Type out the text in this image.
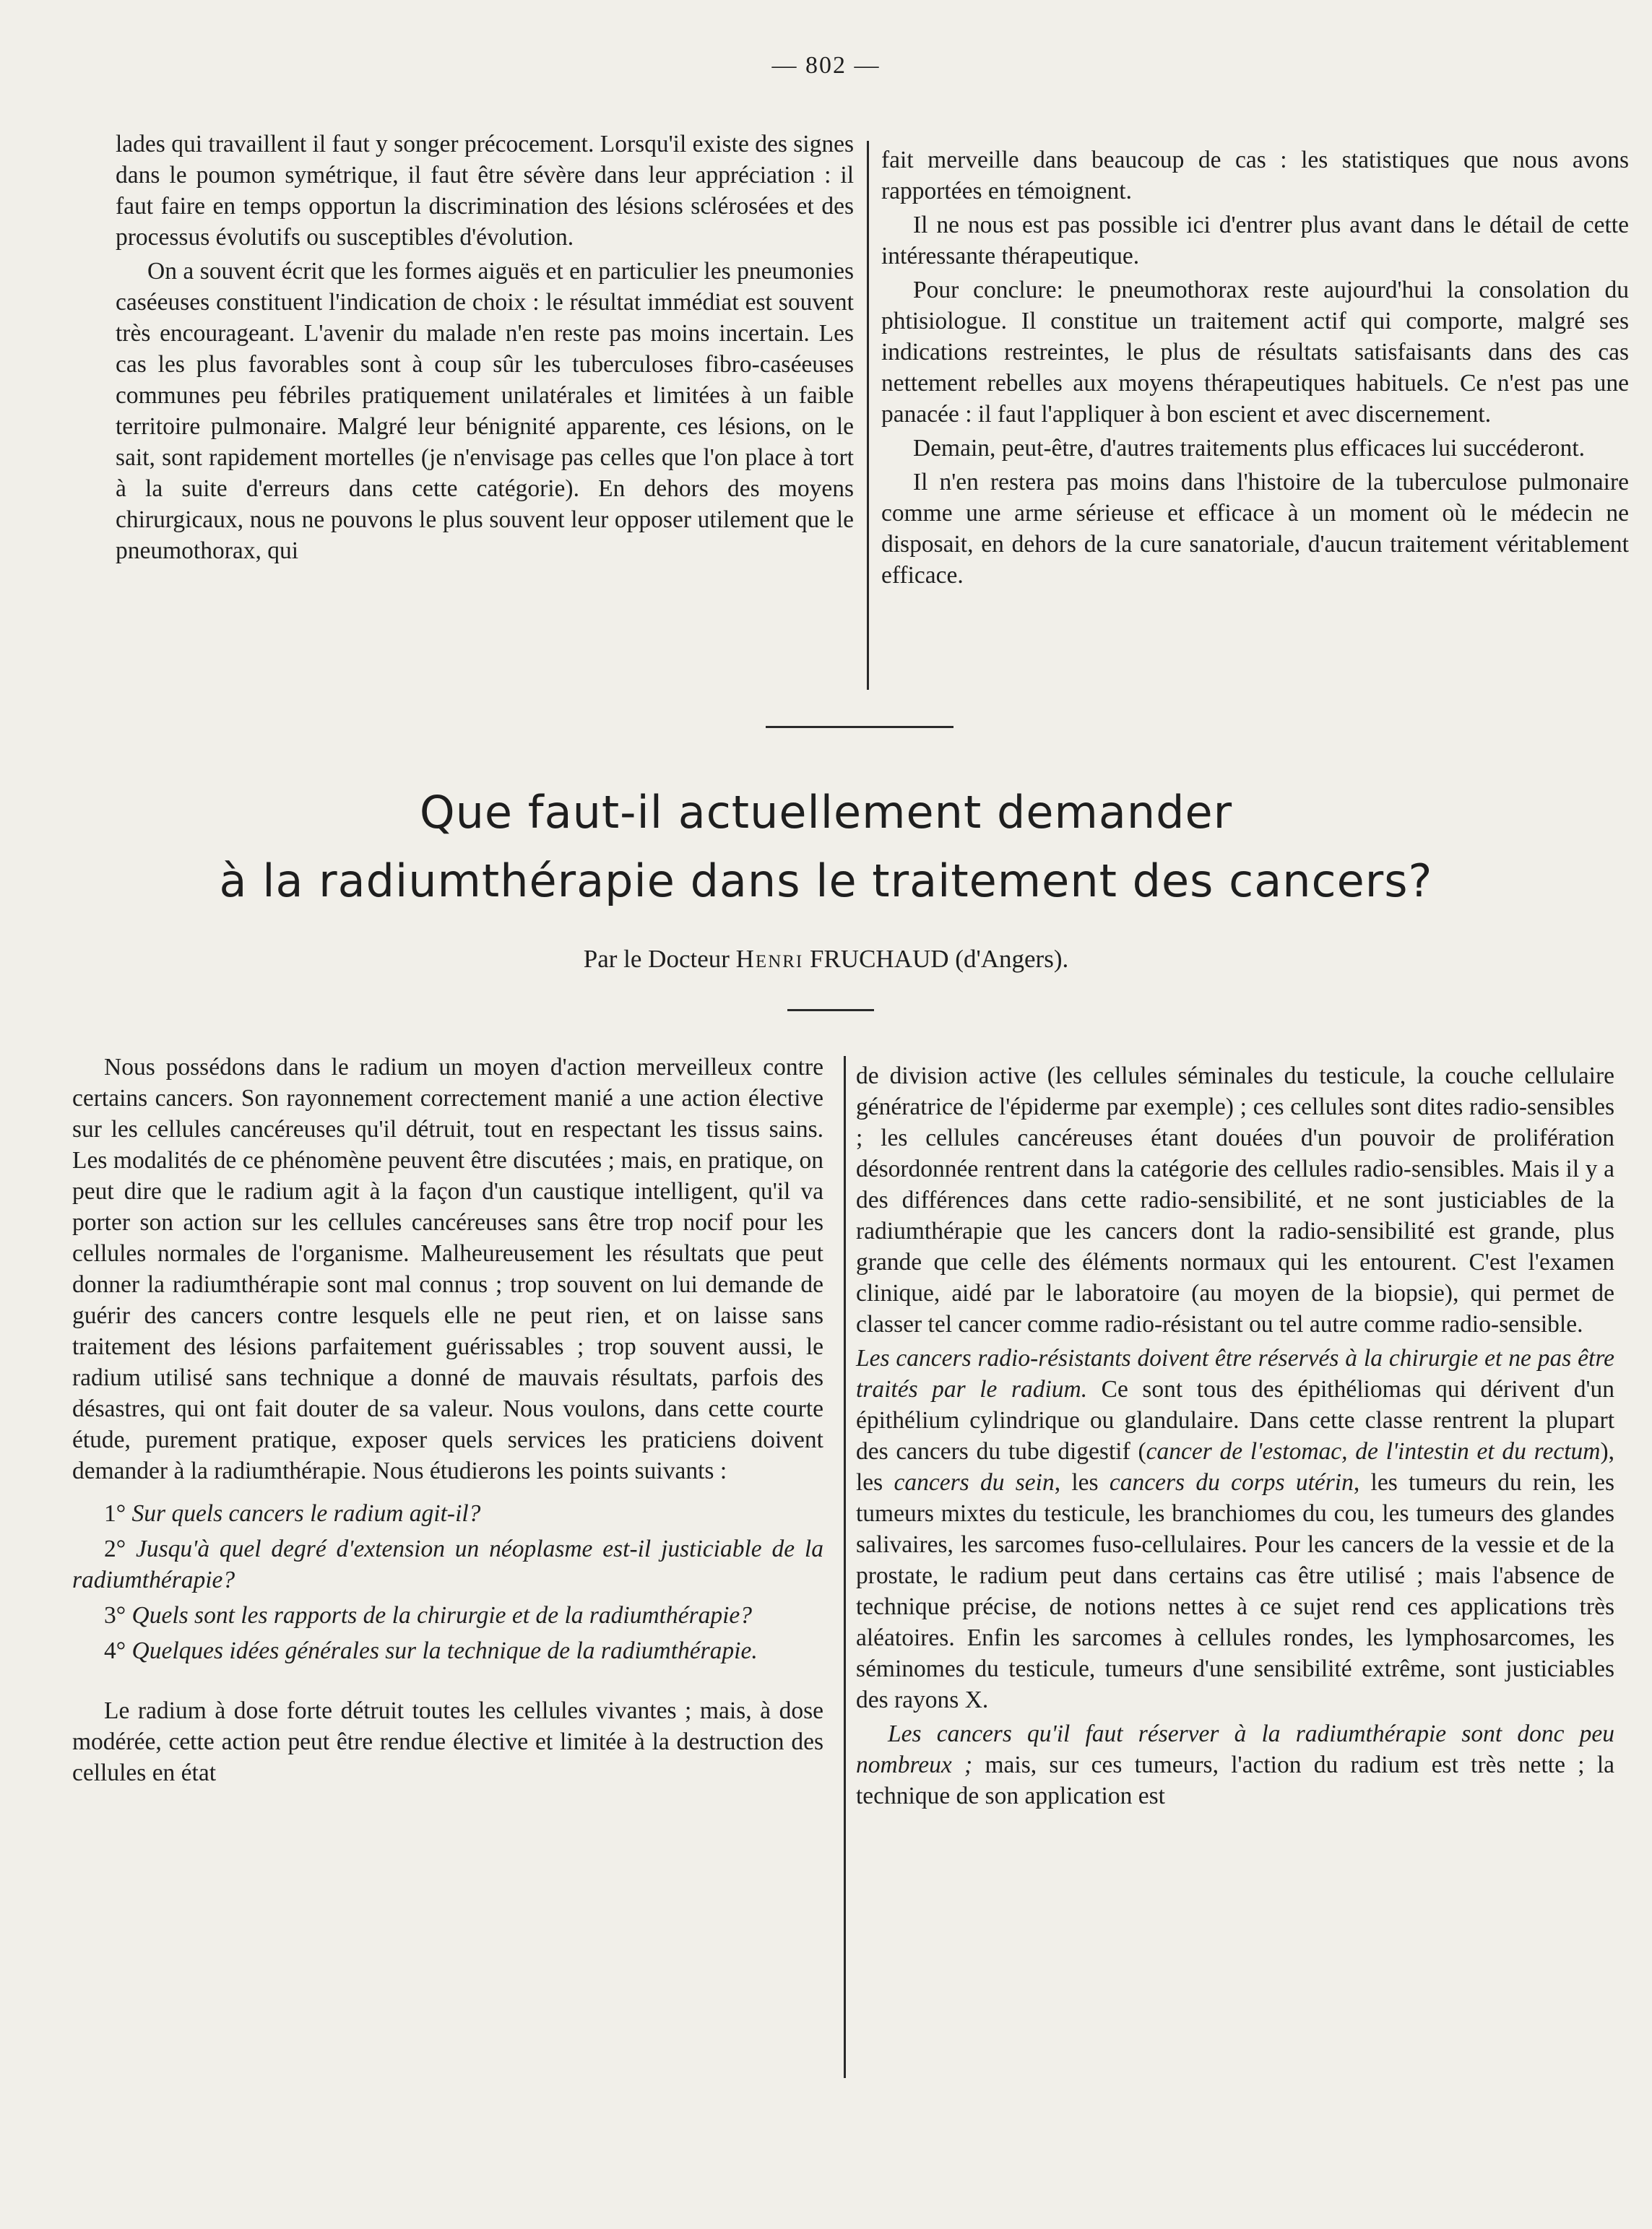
— 802 —

lades qui travaillent il faut y songer précocement. Lorsqu'il existe des signes dans le poumon symétrique, il faut être sévère dans leur appréciation : il faut faire en temps opportun la discrimination des lésions sclérosées et des processus évolutifs ou susceptibles d'évolution.

On a souvent écrit que les formes aiguës et en particulier les pneumonies caséeuses constituent l'indication de choix : le résultat immédiat est souvent très encourageant. L'avenir du malade n'en reste pas moins incertain. Les cas les plus favorables sont à coup sûr les tuberculoses fibro-caséeuses communes peu fébriles pratiquement unilatérales et limitées à un faible territoire pulmonaire. Malgré leur bénignité apparente, ces lésions, on le sait, sont rapidement mortelles (je n'envisage pas celles que l'on place à tort à la suite d'erreurs dans cette catégorie). En dehors des moyens chirurgicaux, nous ne pouvons le plus souvent leur opposer utilement que le pneumothorax, qui

fait merveille dans beaucoup de cas : les statistiques que nous avons rapportées en témoignent.

Il ne nous est pas possible ici d'entrer plus avant dans le détail de cette intéressante thérapeutique.

Pour conclure: le pneumothorax reste aujourd'hui la consolation du phtisiologue. Il constitue un traitement actif qui comporte, malgré ses indications restreintes, le plus de résultats satisfaisants dans des cas nettement rebelles aux moyens thérapeutiques habituels. Ce n'est pas une panacée : il faut l'appliquer à bon escient et avec discernement.

Demain, peut-être, d'autres traitements plus efficaces lui succéderont.

Il n'en restera pas moins dans l'histoire de la tuberculose pulmonaire comme une arme sérieuse et efficace à un moment où le médecin ne disposait, en dehors de la cure sanatoriale, d'aucun traitement véritablement efficace.

Que faut-il actuellement demander
à la radiumthérapie dans le traitement des cancers?
Par le Docteur Henri FRUCHAUD (d'Angers).

Nous possédons dans le radium un moyen d'action merveilleux contre certains cancers. Son rayonnement correctement manié a une action élective sur les cellules cancéreuses qu'il détruit, tout en respectant les tissus sains. Les modalités de ce phénomène peuvent être discutées ; mais, en pratique, on peut dire que le radium agit à la façon d'un caustique intelligent, qu'il va porter son action sur les cellules cancéreuses sans être trop nocif pour les cellules normales de l'organisme. Malheureusement les résultats que peut donner la radiumthérapie sont mal connus ; trop souvent on lui demande de guérir des cancers contre lesquels elle ne peut rien, et on laisse sans traitement des lésions parfaitement guérissables ; trop souvent aussi, le radium utilisé sans technique a donné de mauvais résultats, parfois des désastres, qui ont fait douter de sa valeur. Nous voulons, dans cette courte étude, purement pratique, exposer quels services les praticiens doivent demander à la radiumthérapie. Nous étudierons les points suivants :

1° Sur quels cancers le radium agit-il?

2° Jusqu'à quel degré d'extension un néoplasme est-il justiciable de la radiumthérapie?

3° Quels sont les rapports de la chirurgie et de la radiumthérapie?

4° Quelques idées générales sur la technique de la radiumthérapie.

Le radium à dose forte détruit toutes les cellules vivantes ; mais, à dose modérée, cette action peut être rendue élective et limitée à la destruction des cellules en état

de division active (les cellules séminales du testicule, la couche cellulaire génératrice de l'épiderme par exemple) ; ces cellules sont dites radio-sensibles ; les cellules cancéreuses étant douées d'un pouvoir de prolifération désordonnée rentrent dans la catégorie des cellules radio-sensibles. Mais il y a des différences dans cette radio-sensibilité, et ne sont justiciables de la radiumthérapie que les cancers dont la radio-sensibilité est grande, plus grande que celle des éléments normaux qui les entourent. C'est l'examen clinique, aidé par le laboratoire (au moyen de la biopsie), qui permet de classer tel cancer comme radio-résistant ou tel autre comme radio-sensible.

Les cancers radio-résistants doivent être réservés à la chirurgie et ne pas être traités par le radium. Ce sont tous des épithéliomas qui dérivent d'un épithélium cylindrique ou glandulaire. Dans cette classe rentrent la plupart des cancers du tube digestif (cancer de l'estomac, de l'intestin et du rectum), les cancers du sein, les cancers du corps utérin, les tumeurs du rein, les tumeurs mixtes du testicule, les branchiomes du cou, les tumeurs des glandes salivaires, les sarcomes fuso-cellulaires. Pour les cancers de la vessie et de la prostate, le radium peut dans certains cas être utilisé ; mais l'absence de technique précise, de notions nettes à ce sujet rend ces applications très aléatoires. Enfin les sarcomes à cellules rondes, les lymphosarcomes, les séminomes du testicule, tumeurs d'une sensibilité extrême, sont justiciables des rayons X.

Les cancers qu'il faut réserver à la radiumthérapie sont donc peu nombreux ; mais, sur ces tumeurs, l'action du radium est très nette ; la technique de son application est
